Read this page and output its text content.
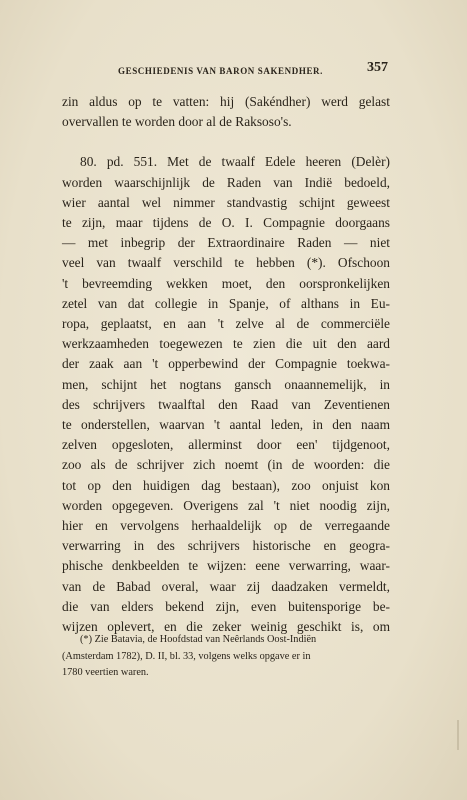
GESCHIEDENIS VAN BARON SAKENDHER.	357
zin aldus op te vatten: hij (Sakéndher) werd gelast
overvallen te worden door al de Raksoso's.
80. pd. 551. Met de twaalf Edele heeren (Delèr)
worden waarschijnlijk de Raden van Indië bedoeld,
wier aantal wel nimmer standvastig schijnt geweest
te zijn, maar tijdens de O. I. Compagnie doorgaans
— met inbegrip der Extraordinaire Raden — niet
veel van twaalf verschild te hebben (*). Ofschoon
't bevreemding wekken moet, den oorspronkelijken
zetel van dat collegie in Spanje, of althans in Eu-
ropa, geplaatst, en aan 't zelve al de commerciële
werkzaamheden toegewezen te zien die uit den aard
der zaak aan 't opperbewind der Compagnie toekwa-
men, schijnt het nogtans gansch onaannemelijk, in
des schrijvers twaalftal den Raad van Zeventienen
te onderstellen, waarvan 't aantal leden, in den naam
zelven opgesloten, allerminst door een' tijdgenoot,
zoo als de schrijver zich noemt (in de woorden: die
tot op den huidigen dag bestaan), zoo onjuist kon
worden opgegeven. Overigens zal 't niet noodig zijn,
hier en vervolgens herhaaldelijk op de verregaande
verwarring in des schrijvers historische en geogra-
phische denkbeelden te wijzen: eene verwarring, waar-
van de Babad overal, waar zij daadzaken vermeldt,
die van elders bekend zijn, even buitensporige be-
wijzen oplevert, en die zeker weinig geschikt is, om
(*) Zie Batavia, de Hoofdstad van Neêrlands Oost-Indiën
(Amsterdam 1782), D. II, bl. 33, volgens welks opgave er in
1780 veertien waren.
